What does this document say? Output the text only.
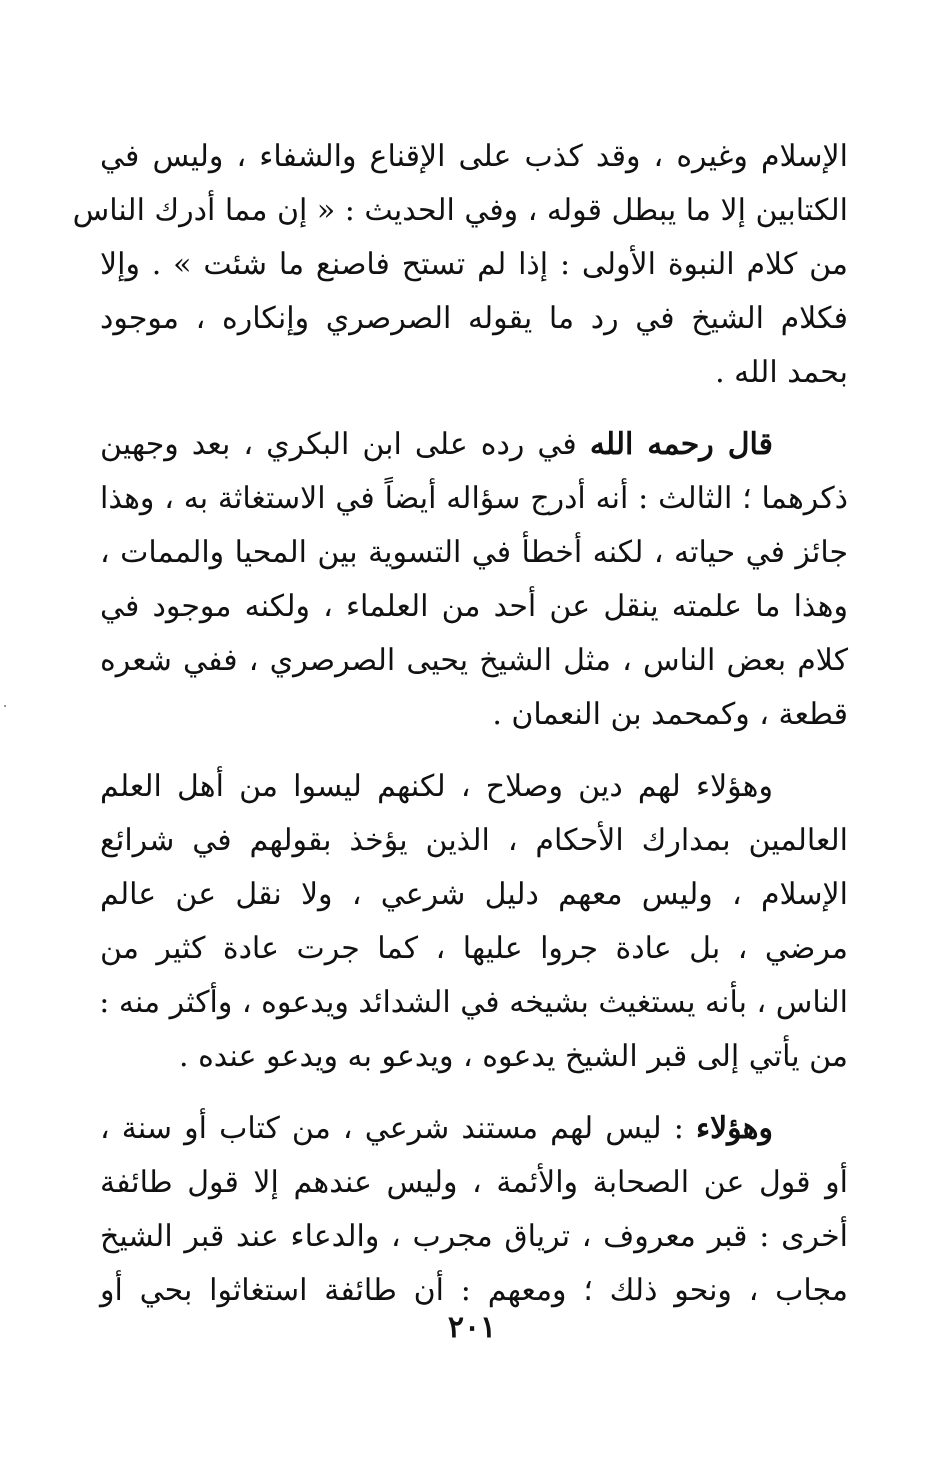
الإسلام وغيره ، وقد كذب على الإقناع والشفاء ، وليس في
الكتابين إلا ما يبطل قوله ، وفي الحديث : « إن مما أدرك الناس
من كلام النبوة الأولى : إذا لم تستح فاصنع ما شئت » . وإلا
فكلام الشيخ في رد ما يقوله الصرصري وإنكاره ، موجود
بحمد الله .

قال رحمه الله في رده على ابن البكري ، بعد وجهين
ذكرهما ؛ الثالث : أنه أدرج سؤاله أيضاً في الاستغاثة به ، وهذا
جائز في حياته ، لكنه أخطأ في التسوية بين المحيا والممات ،
وهذا ما علمته ينقل عن أحد من العلماء ، ولكنه موجود في
كلام بعض الناس ، مثل الشيخ يحيى الصرصري ، ففي شعره
قطعة ، وكمحمد بن النعمان .

وهؤلاء لهم دين وصلاح ، لكنهم ليسوا من أهل العلم
العالمين بمدارك الأحكام ، الذين يؤخذ بقولهم في شرائع
الإسلام ، وليس معهم دليل شرعي ، ولا نقل عن عالم
مرضي ، بل عادة جروا عليها ، كما جرت عادة كثير من
الناس ، بأنه يستغيث بشيخه في الشدائد ويدعوه ، وأكثر منه :
من يأتي إلى قبر الشيخ يدعوه ، ويدعو به ويدعو عنده .

وهؤلاء : ليس لهم مستند شرعي ، من كتاب أو سنة ،
أو قول عن الصحابة والأئمة ، وليس عندهم إلا قول طائفة
أخرى : قبر معروف ، ترياق مجرب ، والدعاء عند قبر الشيخ
مجاب ، ونحو ذلك ؛ ومعهم : أن طائفة استغاثوا بحي أو

٢٠١
